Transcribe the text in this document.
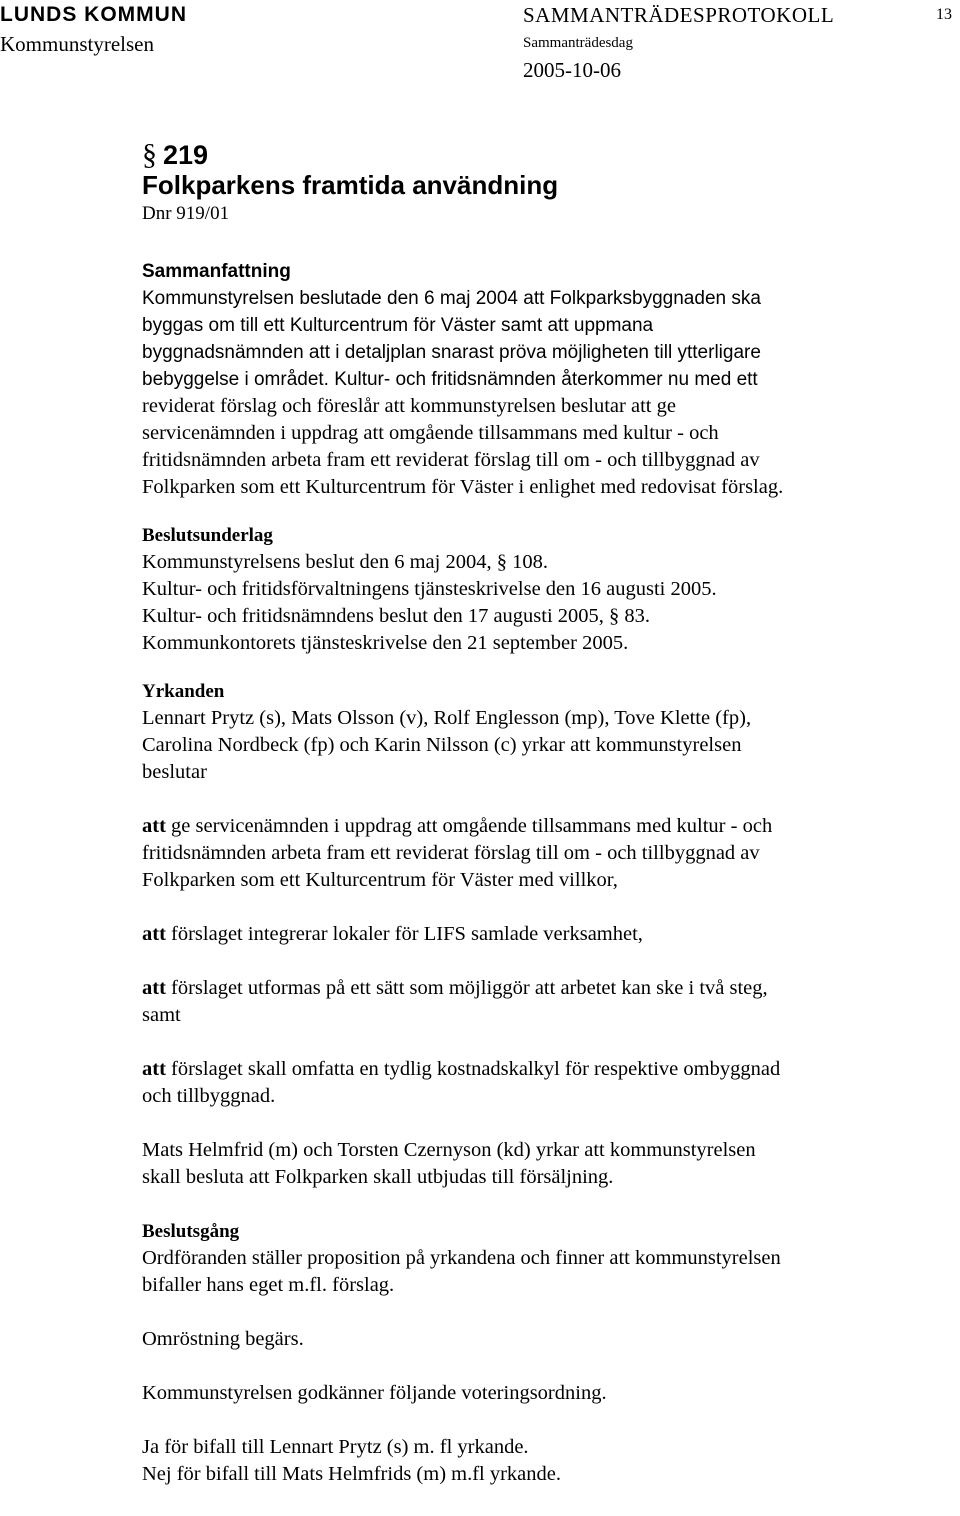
LUNDS KOMMUN
Kommunstyrelsen
SAMMANTRÄDESPROTOKOLL
Sammanträdesdag
2005-10-06
13
§ 219
Folkparkens framtida användning
Dnr 919/01
Sammanfattning
Kommunstyrelsen beslutade den 6 maj 2004 att Folkparksbyggnaden ska
byggas om till ett Kulturcentrum för Väster samt att uppmana
byggnadsnämnden att i detaljplan snarast pröva möjligheten till ytterligare
bebyggelse i området. Kultur- och fritidsnämnden återkommer nu med ett
reviderat förslag och föreslår att kommunstyrelsen beslutar att ge
servicenämnden i uppdrag att omgående tillsammans med kultur - och
fritidsnämnden arbeta fram ett reviderat förslag till om - och tillbyggnad av
Folkparken som ett Kulturcentrum för Väster i enlighet med redovisat förslag.
Beslutsunderlag
Kommunstyrelsens beslut den 6 maj 2004, § 108.
Kultur- och fritidsförvaltningens tjänsteskrivelse den 16 augusti 2005.
Kultur- och fritidsnämndens beslut den 17 augusti 2005, § 83.
Kommunkontorets tjänsteskrivelse den 21 september 2005.
Yrkanden
Lennart Prytz (s), Mats Olsson (v), Rolf Englesson (mp), Tove Klette (fp),
Carolina Nordbeck (fp) och Karin Nilsson (c) yrkar att kommunstyrelsen
beslutar
att ge servicenämnden i uppdrag att omgående tillsammans med kultur - och
fritidsnämnden arbeta fram ett reviderat förslag till om - och tillbyggnad av
Folkparken som ett Kulturcentrum för Väster med villkor,
att förslaget integrerar lokaler för LIFS samlade verksamhet,
att förslaget utformas på ett sätt som möjliggör att arbetet kan ske i två steg,
samt
att förslaget skall omfatta en tydlig kostnadskalkyl för respektive ombyggnad
och tillbyggnad.
Mats Helmfrid (m) och Torsten Czernyson (kd) yrkar att kommunstyrelsen
skall besluta att Folkparken skall utbjudas till försäljning.
Beslutsgång
Ordföranden ställer proposition på yrkandena och finner att kommunstyrelsen
bifaller hans eget m.fl. förslag.
Omröstning begärs.
Kommunstyrelsen godkänner följande voteringsordning.
Ja för bifall till Lennart Prytz (s) m. fl yrkande.
Nej för bifall till Mats Helmfrids (m) m.fl yrkande.
